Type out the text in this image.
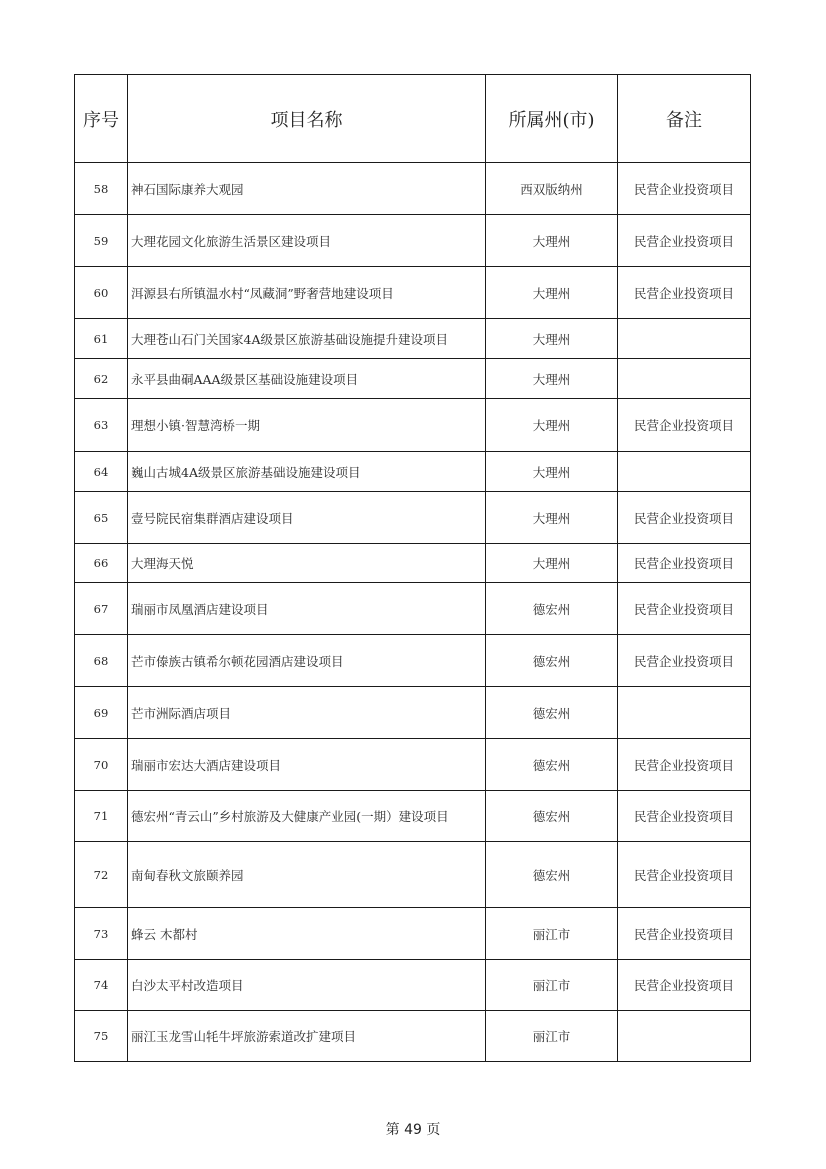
序号	项目名称	所属州(市)	备注
58	神石国际康养大观园	西双版纳州	民营企业投资项目
59	大理花园文化旅游生活景区建设项目	大理州	民营企业投资项目
60	洱源县右所镇温水村“凤藏洞”野奢营地建设项目	大理州	民营企业投资项目
61	大理苍山石门关国家4A级景区旅游基础设施提升建设项目	大理州	
62	永平县曲硐AAA级景区基础设施建设项目	大理州	
63	理想小镇·智慧湾桥一期	大理州	民营企业投资项目
64	巍山古城4A级景区旅游基础设施建设项目	大理州	
65	壹号院民宿集群酒店建设项目	大理州	民营企业投资项目
66	大理海天悦	大理州	民营企业投资项目
67	瑞丽市凤凰酒店建设项目	德宏州	民营企业投资项目
68	芒市傣族古镇希尔顿花园酒店建设项目	德宏州	民营企业投资项目
69	芒市洲际酒店项目	德宏州	
70	瑞丽市宏达大酒店建设项目	德宏州	民营企业投资项目
71	德宏州“青云山”乡村旅游及大健康产业园(一期）建设项目	德宏州	民营企业投资项目
72	南甸春秋文旅颐养园	德宏州	民营企业投资项目
73	蜂云 木都村	丽江市	民营企业投资项目
74	白沙太平村改造项目	丽江市	民营企业投资项目
75	丽江玉龙雪山牦牛坪旅游索道改扩建项目	丽江市	
第 49 页
